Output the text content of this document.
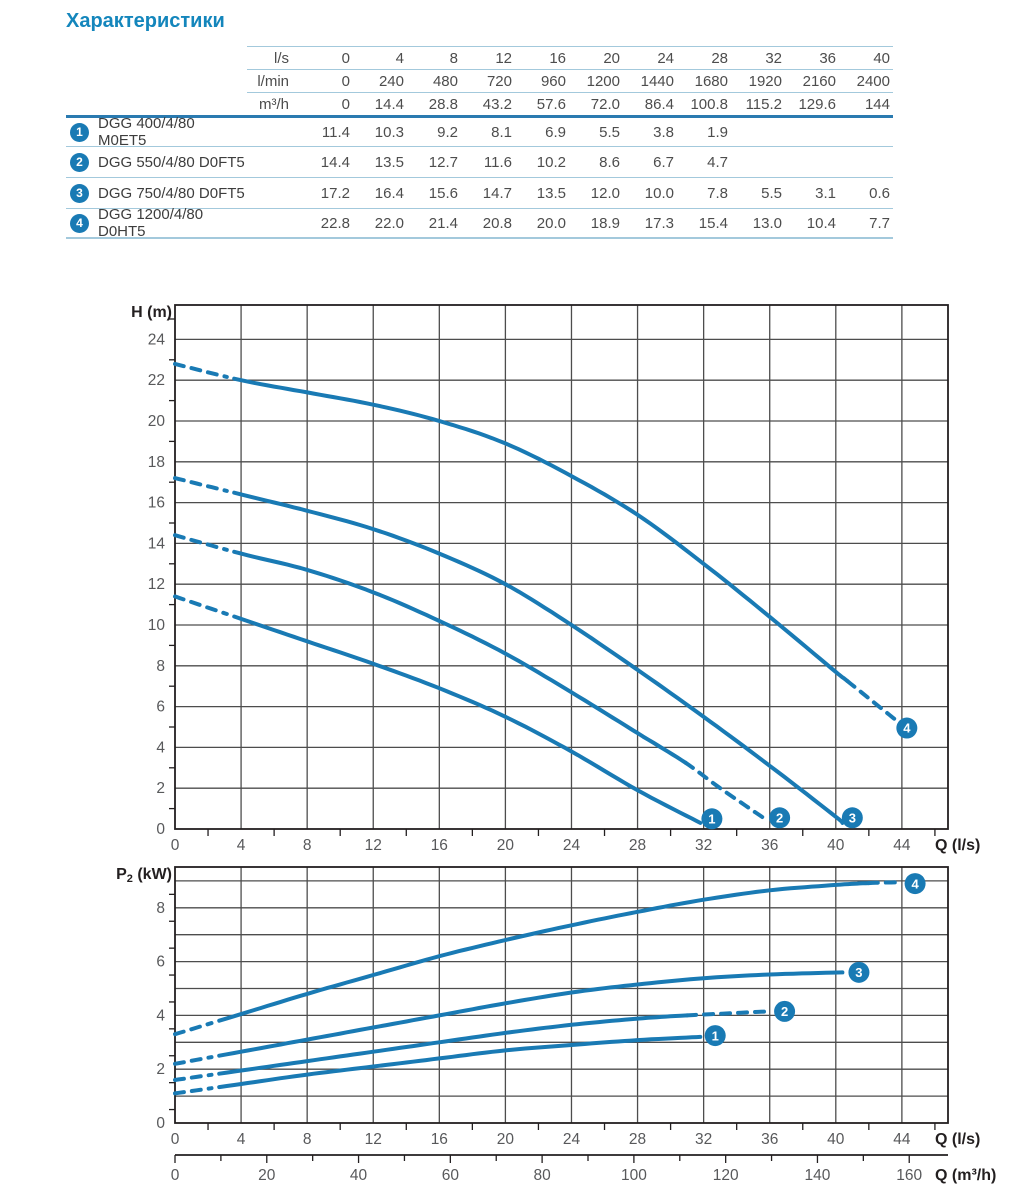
Характеристики
l/s	0	4	8	12	16	20	24	28	32	36	40
l/min	0	240	480	720	960	1200	1440	1680	1920	2160	2400
m³/h	0	14.4	28.8	43.2	57.6	72.0	86.4	100.8	115.2	129.6	144
1	DGG 400/4/80 M0ET5	11.4	10.3	9.2	8.1	6.9	5.5	3.8	1.9
2	DGG 550/4/80 D0FT5	14.4	13.5	12.7	11.6	10.2	8.6	6.7	4.7
3	DGG 750/4/80 D0FT5	17.2	16.4	15.6	14.7	13.5	12.0	10.0	7.8	5.5	3.1	0.6
4	DGG 1200/4/80 D0HT5	22.8	22.0	21.4	20.8	20.0	18.9	17.3	15.4	13.0	10.4	7.7
0	4	8	12	16	20	24	28	32	36	40	44
0
2
4
6
8
10
12
14
16
18
20
22
24
Q (l/s)
H (m)
1	2	3
4
0	4	8	12	16	20	24	28	32	36	40	44
0
2
4
6
8
Q (l/s)
P2 (kW)
0	20	40	60	80	100	120	140	160 Q (m³/h)
1
2
3
4
